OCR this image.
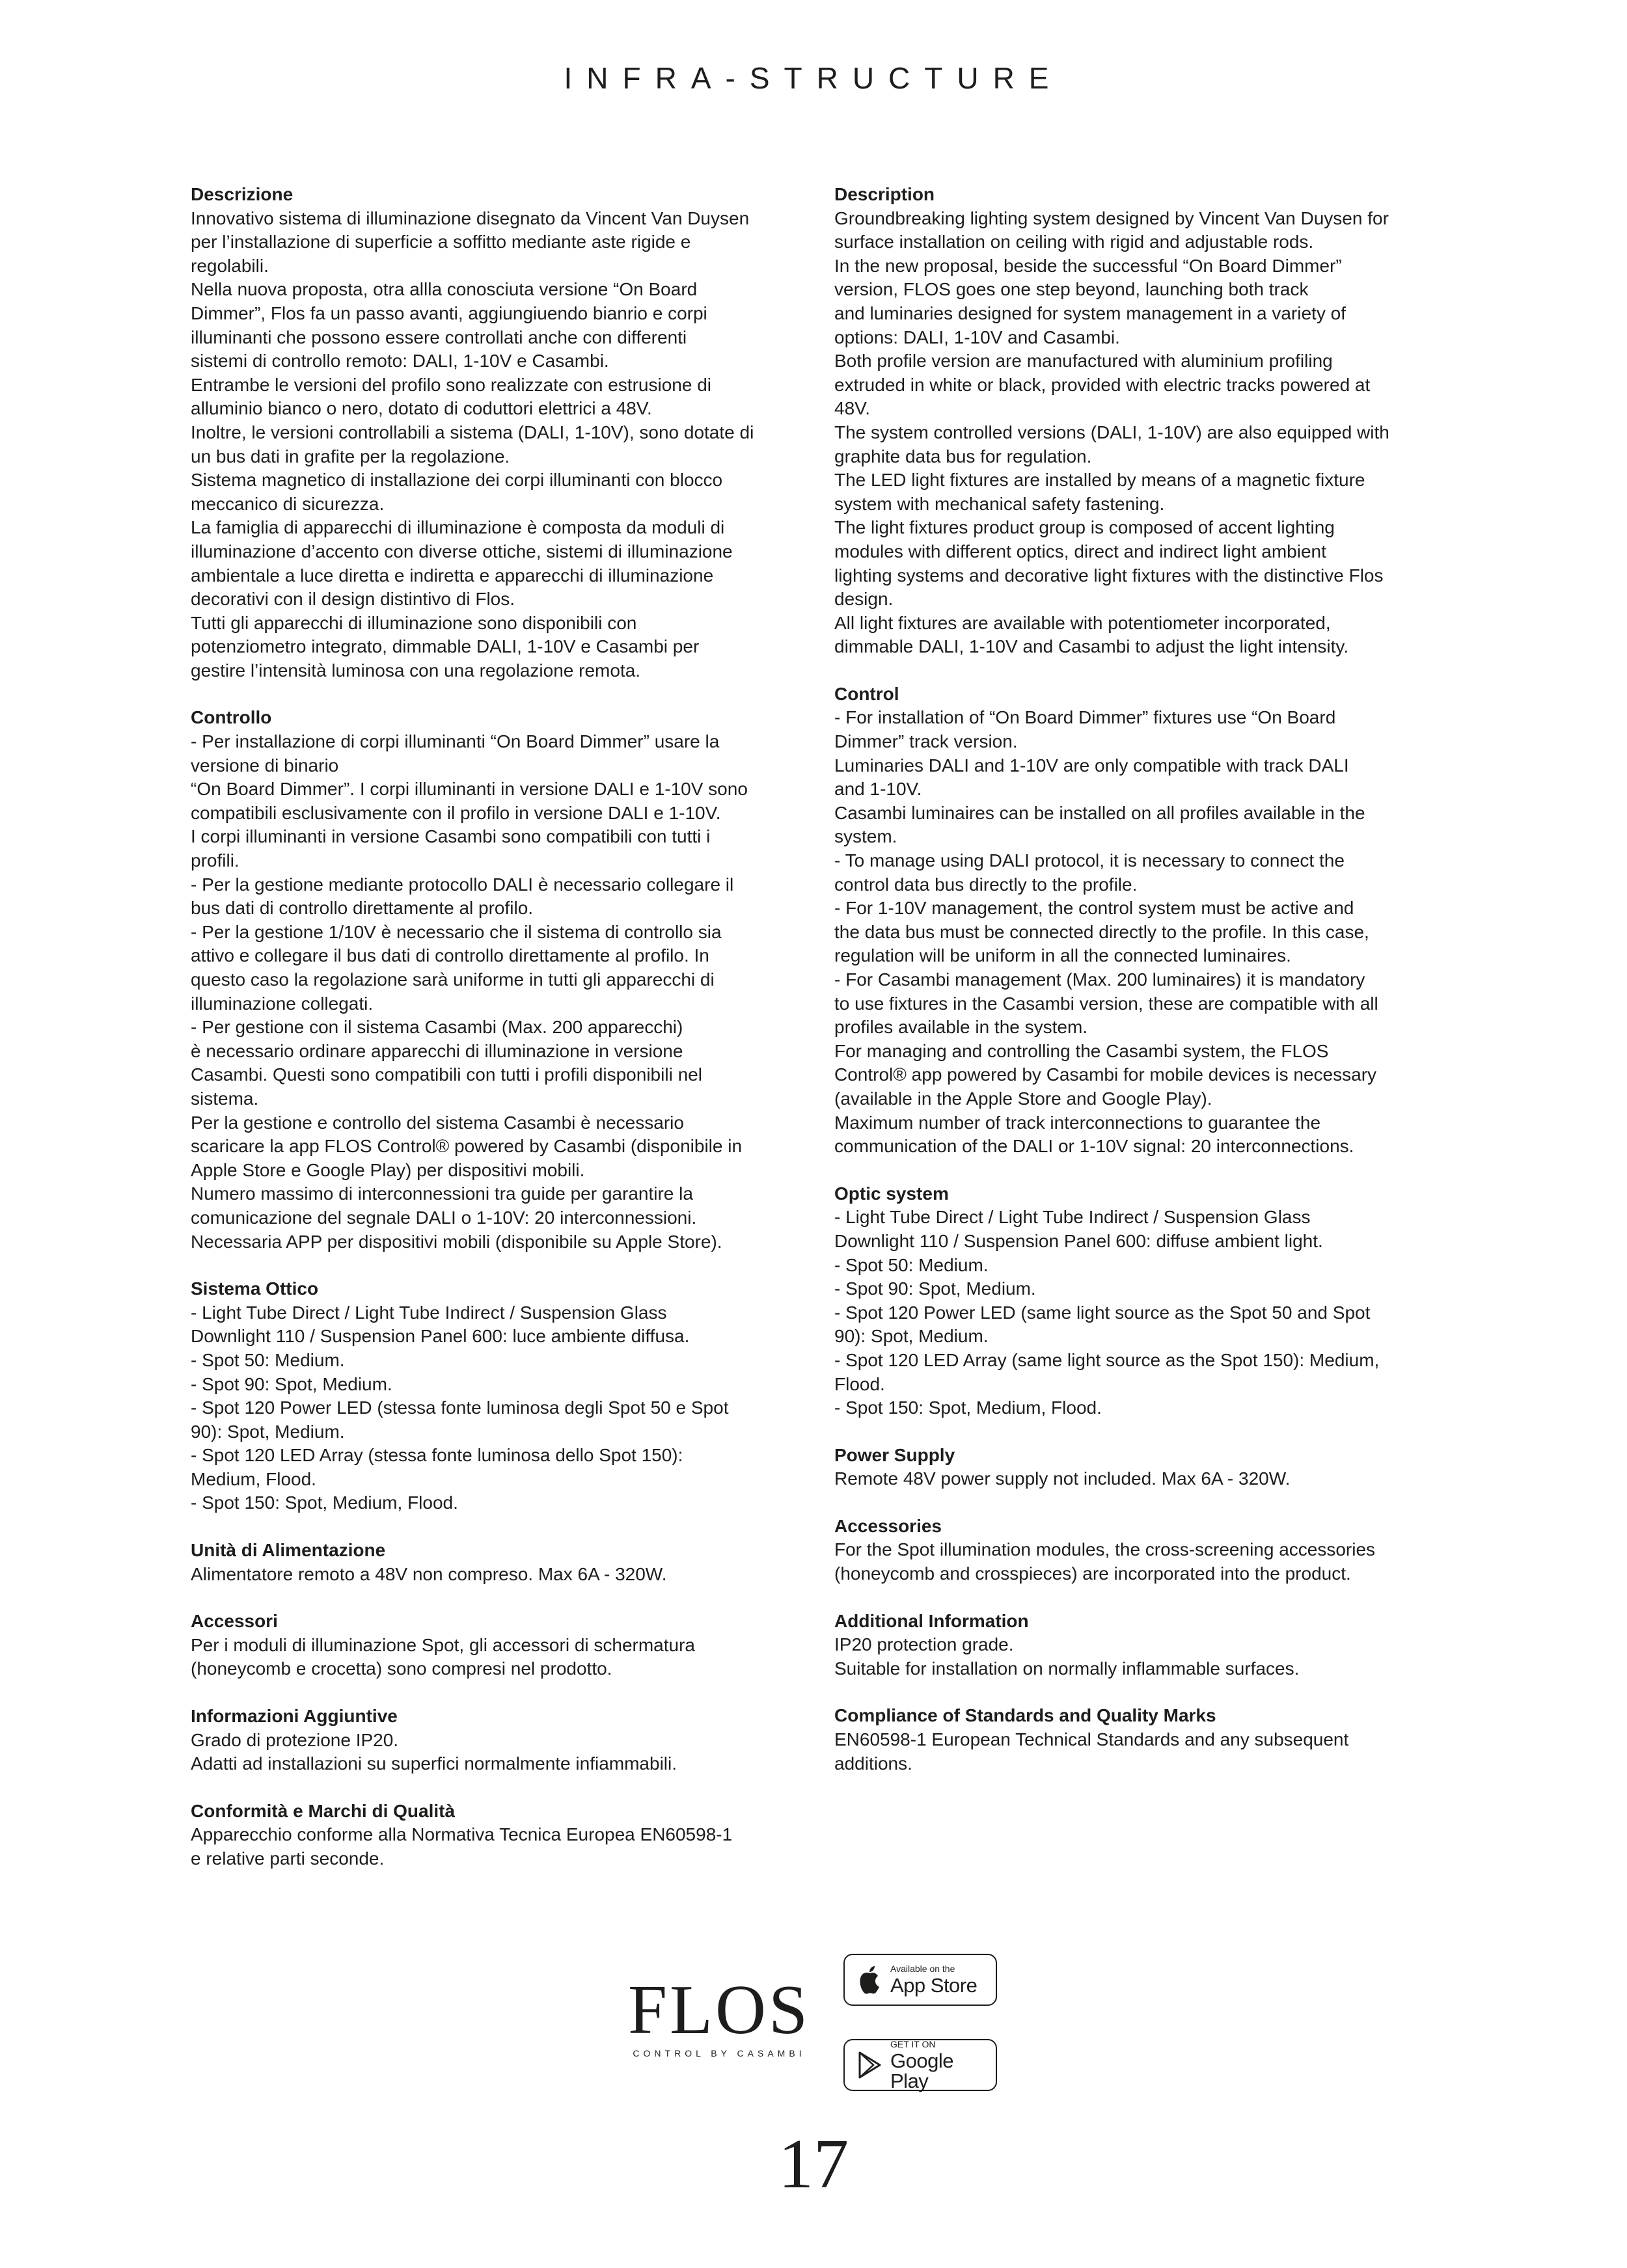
INFRA-STRUCTURE
Descrizione
Innovativo sistema di illuminazione disegnato da Vincent Van Duysen
per l’installazione di superficie a soffitto mediante aste rigide e
regolabili.
Nella nuova proposta, otra allla conosciuta versione “On Board
Dimmer”, Flos fa un passo avanti, aggiungiuendo bianrio e corpi
illuminanti che possono essere controllati anche con differenti
sistemi di controllo remoto: DALI, 1-10V e Casambi.
Entrambe le versioni del profilo sono realizzate con estrusione di
alluminio bianco o nero, dotato di coduttori elettrici a 48V.
Inoltre, le versioni controllabili a sistema (DALI, 1-10V), sono dotate di
un bus dati in grafite per la regolazione.
Sistema magnetico di installazione dei corpi illuminanti con blocco
meccanico di sicurezza.
La famiglia di apparecchi di illuminazione è composta da moduli di
illuminazione d’accento con diverse ottiche, sistemi di illuminazione
ambientale a luce diretta e indiretta e apparecchi di illuminazione
decorativi con il design distintivo di Flos.
Tutti gli apparecchi di illuminazione sono disponibili con
potenziometro integrato, dimmable DALI, 1-10V e Casambi per
gestire l’intensità luminosa con una regolazione remota.
Controllo
- Per installazione di corpi illuminanti “On Board Dimmer” usare la
versione di binario
“On Board Dimmer”. I corpi illuminanti in versione DALI e 1-10V sono
compatibili esclusivamente con il profilo in versione DALI e 1-10V.
I corpi illuminanti in versione Casambi sono compatibili con tutti i
profili.
- Per la gestione mediante protocollo DALI è necessario collegare il
bus dati di controllo direttamente al profilo.
- Per la gestione 1/10V è necessario che il sistema di controllo sia
attivo e collegare il bus dati di controllo direttamente al profilo. In
questo caso la regolazione sarà uniforme in tutti gli apparecchi di
illuminazione collegati.
- Per gestione con il sistema Casambi (Max. 200 apparecchi)
è necessario ordinare apparecchi di illuminazione in versione
Casambi. Questi sono compatibili con tutti i profili disponibili nel
sistema.
Per la gestione e controllo del sistema Casambi è necessario
scaricare la app FLOS Control® powered by Casambi (disponibile in
Apple Store e Google Play) per dispositivi mobili.
Numero massimo di interconnessioni tra guide per garantire la
comunicazione del segnale DALI o 1-10V: 20 interconnessioni.
Necessaria APP per dispositivi mobili (disponibile su Apple Store).
Sistema Ottico
- Light Tube Direct / Light Tube Indirect / Suspension Glass
Downlight 110 / Suspension Panel 600: luce ambiente diffusa.
- Spot 50: Medium.
- Spot 90: Spot, Medium.
- Spot 120 Power LED (stessa fonte luminosa degli Spot 50 e Spot
90): Spot, Medium.
- Spot 120 LED Array (stessa fonte luminosa dello Spot 150):
Medium, Flood.
- Spot 150: Spot, Medium, Flood.
Unità di Alimentazione
Alimentatore remoto a 48V non compreso. Max 6A - 320W.
Accessori
Per i moduli di illuminazione Spot, gli accessori di schermatura
(honeycomb e crocetta) sono compresi nel prodotto.
Informazioni Aggiuntive
Grado di protezione IP20.
Adatti ad installazioni su superfici normalmente infiammabili.
Conformità e Marchi di Qualità
Apparecchio conforme alla Normativa Tecnica Europea EN60598-1
e relative parti seconde.
Description
Groundbreaking lighting system designed by Vincent Van Duysen for
surface installation on ceiling with rigid and adjustable rods.
In the new proposal, beside the successful “On Board Dimmer”
version, FLOS goes one step beyond, launching both track
and luminaries designed for system management in a variety of
options: DALI, 1-10V and Casambi.
Both profile version are manufactured with aluminium profiling
extruded in white or black, provided with electric tracks powered at
48V.
The system controlled versions (DALI, 1-10V) are also equipped with
graphite data bus for regulation.
The LED light fixtures are installed by means of a magnetic fixture
system with mechanical safety fastening.
The light fixtures product group is composed of accent lighting
modules with different optics, direct and indirect light ambient
lighting systems and decorative light fixtures with the distinctive Flos
design.
All light fixtures are available with potentiometer incorporated,
dimmable DALI, 1-10V and Casambi to adjust the light intensity.
Control
- For installation of “On Board Dimmer” fixtures use “On Board
Dimmer” track version.
Luminaries DALI and 1-10V are only compatible with track DALI
and 1-10V.
Casambi luminaires can be installed on all profiles available in the
system.
- To manage using DALI protocol, it is necessary to connect the
control data bus directly to the profile.
- For 1-10V management, the control system must be active and
the data bus must be connected directly to the profile. In this case,
regulation will be uniform in all the connected luminaires.
- For Casambi management (Max. 200 luminaires) it is mandatory
to use fixtures in the Casambi version, these are compatible with all
profiles available in the system.
For managing and controlling the Casambi system, the FLOS
Control® app powered by Casambi for mobile devices is necessary
(available in the Apple Store and Google Play).
Maximum number of track interconnections to guarantee the
communication of the DALI or 1-10V signal: 20 interconnections.
Optic system
- Light Tube Direct / Light Tube Indirect / Suspension Glass
Downlight 110 / Suspension Panel 600: diffuse ambient light.
- Spot 50: Medium.
- Spot 90: Spot, Medium.
- Spot 120 Power LED (same light source as the Spot 50 and Spot
90): Spot, Medium.
- Spot 120 LED Array (same light source as the Spot 150): Medium,
Flood.
- Spot 150: Spot, Medium, Flood.
Power Supply
Remote 48V power supply not included. Max 6A - 320W.
Accessories
For the Spot illumination modules, the cross-screening accessories
(honeycomb and crosspieces) are incorporated into the product.
Additional Information
IP20 protection grade.
Suitable for installation on normally inflammable surfaces.
Compliance of Standards and Quality Marks
EN60598-1 European Technical Standards and any subsequent
additions.
FLOS
CONTROL BY CASAMBI
Available on the
App Store
GET IT ON
Google Play
17
